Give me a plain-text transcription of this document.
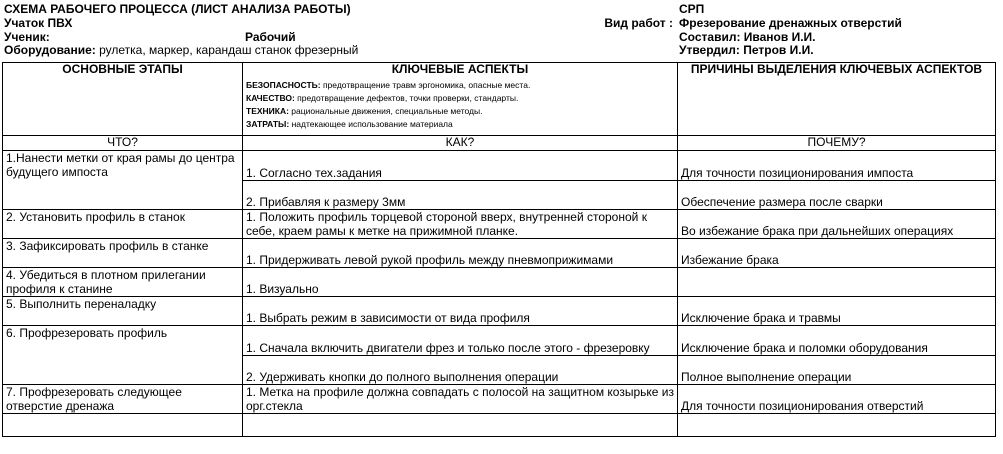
СХЕМА РАБОЧЕГО ПРОЦЕССА (ЛИСТ АНАЛИЗА РАБОТЫ)
Учаток ПВХ
Ученик:	Рабочий
Оборудование: рулетка, маркер, карандаш станок фрезерный
СРП
Вид работ : Фрезерование дренажных отверстий
Составил: Иванов И.И.
Утвердил: Петров И.И.
ОСНОВНЫЕ ЭТАПЫ	КЛЮЧЕВЫЕ АСПЕКТЫ
БЕЗОПАСНОСТЬ: предотвращение травм эргономика, опасные места.
КАЧЕСТВО: предотвращение дефектов, точки проверки, стандарты.
ТЕХНИКА: рациональные движения, специальные методы.
ЗАТРАТЫ: надтекающее использование материала	ПРИЧИНЫ ВЫДЕЛЕНИЯ КЛЮЧЕВЫХ АСПЕКТОВ
ЧТО?	КАК?	ПОЧЕМУ?
1.Нанести метки от края рамы до центра будущего импоста	1. Согласно тех.задания	Для точности позиционирования импоста
	2. Прибавляя к размеру 3мм	Обеспечение размера после сварки
2. Установить профиль в станок	1. Положить профиль торцевой стороной вверх, внутренней стороной к себе, краем рамы к метке на прижимной планке.	Во избежание брака при дальнейших операциях
3. Зафиксировать профиль в станке	1. Придерживать левой рукой профиль между пневмоприжимами	Избежание брака
4. Убедиться в плотном прилегании профиля к станине	1. Визуально	
5. Выполнить переналадку	1. Выбрать режим в зависимости от вида профиля	Исключение брака и травмы
6. Профрезеровать профиль	1. Сначала включить двигатели фрез и только после этого - фрезеровку	Исключение брака и поломки оборудования
	2. Удерживать кнопки до полного выполнения операции	Полное выполнение операции
7. Профрезеровать следующее отверстие дренажа	1. Метка на профиле должна совпадать с полосой на защитном козырьке из орг.стекла	Для точности позиционирования отверстий
